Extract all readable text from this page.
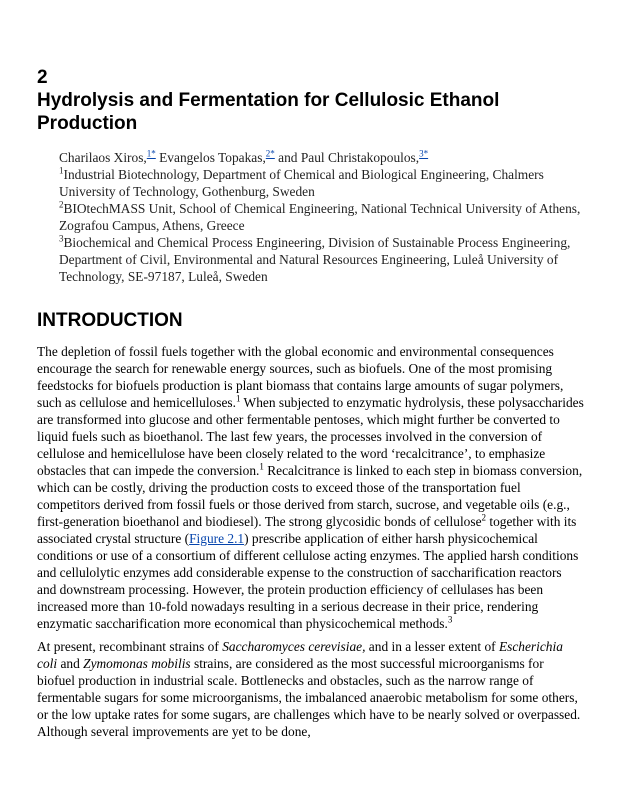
2
Hydrolysis and Fermentation for Cellulosic Ethanol Production
Charilaos Xiros,$^{1*}$ Evangelos Topakas,$^{2*}$ and Paul Christakopoulos,$^{3*}$

$^1$Industrial Biotechnology, Department of Chemical and Biological Engineering, Chalmers University of Technology, Gothenburg, Sweden

$^2$BIOtechMASS Unit, School of Chemical Engineering, National Technical University of Athens, Zografou Campus, Athens, Greece

$^3$Biochemical and Chemical Process Engineering, Division of Sustainable Process Engineering, Department of Civil, Environmental and Natural Resources Engineering, Luleå University of Technology, SE-97187, Luleå, Sweden

INTRODUCTION

The depletion of fossil fuels together with the global economic and environmental consequences encourage the search for renewable energy sources, such as biofuels. One of the most promising feedstocks for biofuels production is plant biomass that contains large amounts of sugar polymers, such as cellulose and hemicelluloses.$^1$ When subjected to enzymatic hydrolysis, these polysaccharides are transformed into glucose and other fermentable pentoses, which might further be converted to liquid fuels such as bioethanol. The last few years, the processes involved in the conversion of cellulose and hemicellulose have been closely related to the word ‘recalcitrance’, to emphasize obstacles that can impede the conversion.$^1$ Recalcitrance is linked to each step in biomass conversion, which can be costly, driving the production costs to exceed those of the transportation fuel competitors derived from fossil fuels or those derived from starch, sucrose, and vegetable oils (e.g., first-generation bioethanol and biodiesel). The strong glycosidic bonds of cellulose$^2$ together with its associated crystal structure (Figure 2.1) prescribe application of either harsh physicochemical conditions or use of a consortium of different cellulose acting enzymes. The applied harsh conditions and cellulolytic enzymes add considerable expense to the construction of saccharification reactors and downstream processing. However, the protein production efficiency of cellulases has been increased more than 10-fold nowadays resulting in a serious decrease in their price, rendering enzymatic saccharification more economical than physicochemical methods.$^3$

At present, recombinant strains of Saccharomyces cerevisiae, and in a lesser extent of Escherichia coli and Zymomonas mobilis strains, are considered as the most successful microorganisms for biofuel production in industrial scale. Bottlenecks and obstacles, such as the narrow range of fermentable sugars for some microorganisms, the imbalanced anaerobic metabolism for some others, or the low uptake rates for some sugars, are challenges which have to be nearly solved or overpassed. Although several improvements are yet to be done,
